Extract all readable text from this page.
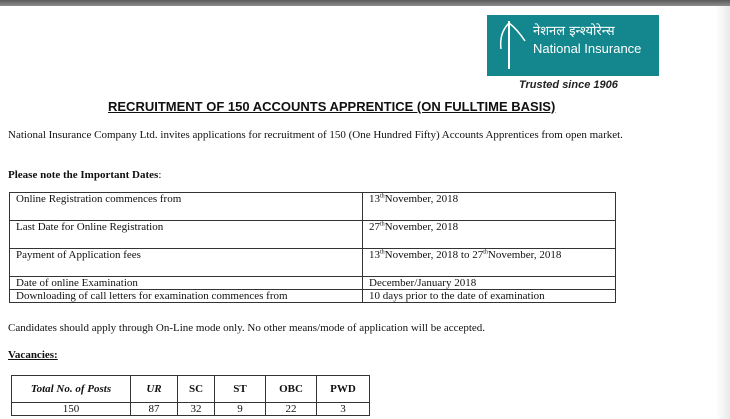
नेशनल इन्श्योरेन्स
National Insurance
Trusted since 1906
RECRUITMENT OF 150 ACCOUNTS APPRENTICE (ON FULLTIME BASIS)
National Insurance Company Ltd. invites applications for recruitment of 150 (One Hundred Fifty) Accounts Apprentices from open market.
Please note the Important Dates:
Online Registration commences from	13thNovember, 2018
Last Date for Online Registration	27thNovember, 2018
Payment of Application fees	13thNovember, 2018 to 27thNovember, 2018
Date of online Examination	December/January 2018
Downloading of call letters for examination commences from	10 days prior to the date of examination
Candidates should apply through On-Line mode only. No other means/mode of application will be accepted.
Vacancies:
Total No. of Posts	UR	SC	ST	OBC	PWD
150	87	32	9	22	3
